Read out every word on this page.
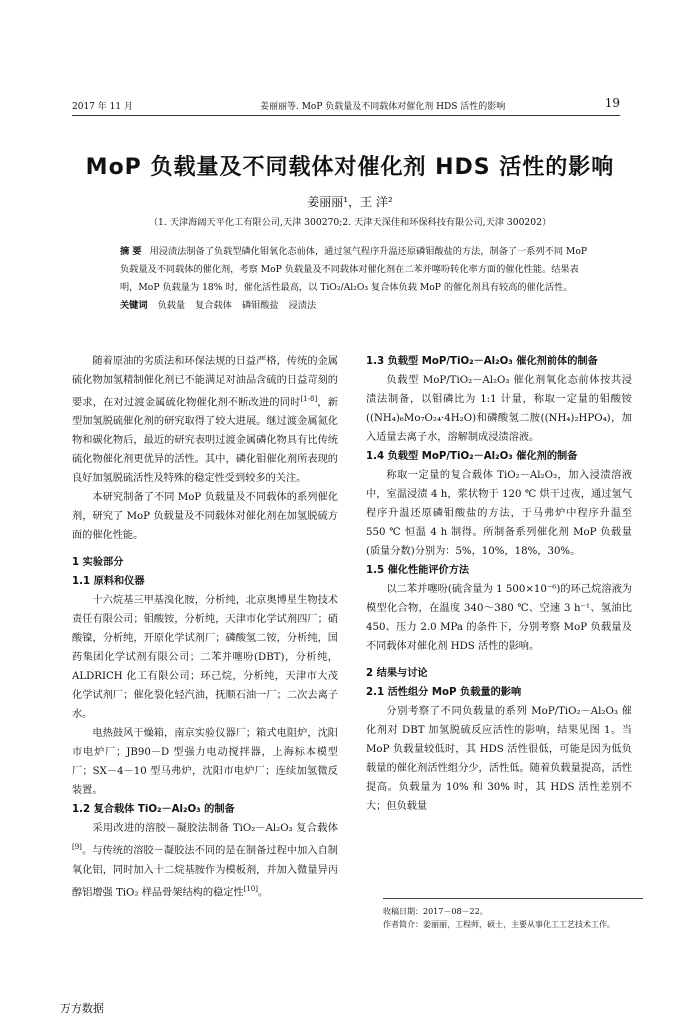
2017 年 11 月	姜丽丽等. MoP 负载量及不同载体对催化剂 HDS 活性的影响	19
MoP 负载量及不同载体对催化剂 HDS 活性的影响
姜丽丽¹，王 洋²
（1. 天津海阔天平化工有限公司,天津 300270;2. 天津天深佳和环保科技有限公司,天津 300202）
摘 要 用浸渍法制备了负载型磷化钼氧化态前体，通过氢气程序升温还原磷钼酸盐的方法，制备了一系列不同 MoP 负载量及不同载体的催化剂，考察 MoP 负载量及不同载体对催化剂在二苯并噻吩转化率方面的催化性能。结果表明，MoP 负载量为 18% 时，催化活性最高，以 TiO₂/Al₂O₃ 复合体负载 MoP 的催化剂具有较高的催化活性。
关键词 负载量 复合载体 磷钼酸盐 浸渍法

随着原油的劣质法和环保法规的日益严格，传统的金属硫化物加氢精制催化剂已不能满足对油品含硫的日益苛刻的要求，在对过渡金属硫化物催化剂不断改进的同时[1-8]，新型加氢脱硫催化剂的研究取得了较大进展。继过渡金属氮化物和碳化物后，最近的研究表明过渡金属磷化物具有比传统硫化物催化剂更优异的活性。其中，磷化钼催化剂所表现的良好加氢脱硫活性及特殊的稳定性受到较多的关注。

本研究制备了不同 MoP 负载量及不同载体的系列催化剂，研究了 MoP 负载量及不同载体对催化剂在加氢脱硫方面的催化性能。

1 实验部分
1.1 原料和仪器

十六烷基三甲基溴化胺，分析纯，北京奥博星生物技术责任有限公司；钼酸铵，分析纯，天津市化学试剂四厂；硝酸镍，分析纯，开原化学试剂厂；磷酸氢二铵，分析纯，国药集团化学试剂有限公司；二苯并噻吩(DBT)，分析纯，ALDRICH 化工有限公司；环己烷，分析纯，天津市大茂化学试剂厂；催化裂化轻汽油，抚顺石油一厂；二次去离子水。

电热鼓风干燥箱，南京实验仪器厂；箱式电阻炉，沈阳市电炉厂；JB90－D 型强力电动搅拌器，上海标本模型厂；SX－4－10 型马弗炉，沈阳市电炉厂；连续加氢微反装置。

1.2 复合载体 TiO₂－Al₂O₃ 的制备

采用改进的溶胶－凝胶法制备 TiO₂－Al₂O₃ 复合载体[9]。与传统的溶胶－凝胶法不同的是在制备过程中加入自制氧化铝，同时加入十二烷基胺作为模板剂，并加入微量异丙醇铝增强 TiO₂ 样品骨架结构的稳定性[10]。

1.3 负载型 MoP/TiO₂－Al₂O₃ 催化剂前体的制备

负载型 MoP/TiO₂－Al₂O₃ 催化剂氧化态前体按共浸渍法制备，以钼磷比为 1:1 计量，称取一定量的钼酸铵((NH₄)₆Mo₇O₂₄·4H₂O)和磷酸氢二胺((NH₄)₂HPO₄)，加入适量去离子水，溶解制成浸渍溶液。

1.4 负载型 MoP/TiO₂－Al₂O₃ 催化剂的制备

称取一定量的复合载体 TiO₂－Al₂O₃，加入浸渍溶液中，室温浸渍 4 h，浆状物于 120 ℃ 烘干过夜，通过氢气程序升温还原磷钼酸盐的方法，于马弗炉中程序升温至 550 ℃ 恒温 4 h 制得。所制备系列催化剂 MoP 负载量(质量分数)分别为：5%，10%，18%，30%。

1.5 催化性能评价方法

以二苯并噻吩(硫含量为 1 500×10⁻⁶)的环己烷溶液为模型化合物，在温度 340～380 ℃、空速 3 h⁻¹、氢油比 450、压力 2.0 MPa 的条件下，分别考察 MoP 负载量及不同载体对催化剂 HDS 活性的影响。

2 结果与讨论
2.1 活性组分 MoP 负载量的影响

分别考察了不同负载量的系列 MoP/TiO₂－Al₂O₃ 催化剂对 DBT 加氢脱硫反应活性的影响，结果见图 1。当 MoP 负载量较低时，其 HDS 活性很低，可能是因为低负载量的催化剂活性组分少，活性低。随着负载量提高，活性提高。负载量为 10% 和 30% 时，其 HDS 活性差别不大；但负载量

收稿日期：2017－08－22。
作者简介：姜丽丽，工程师，硕士，主要从事化工工艺技术工作。
万方数据
